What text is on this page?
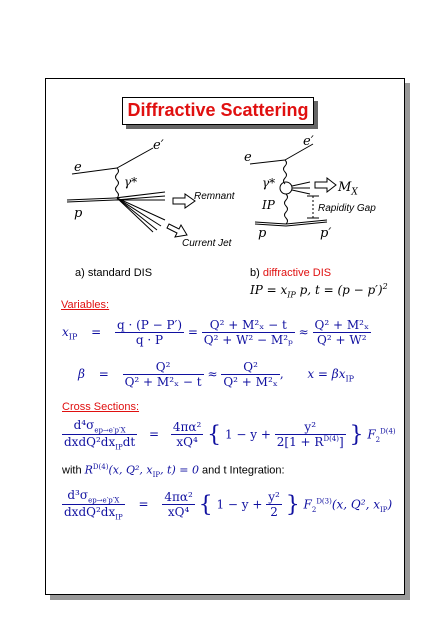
Diffractive Scattering
e′
e
γ*
p
Remnant
Current Jet
e′
e
γ*
IP
$M_X$
Rapidity Gap
p	p′
a) standard DIS	b) diffractive DIS
IP = $x_{IP}$ p, $t = (p - p')^2$
Variables:
$x_{IP} = \frac{q \cdot (P - P')}{q \cdot P} = \frac{\text{Q² + M²ₓ − t}}{\text{Q² + W² − M²ₚ}} \approx \frac{\text{Q² + M²ₓ}}{\text{Q² + W²}}$
$\beta = \frac{\text{Q²}}{\text{Q² + M²ₓ − t}} \approx \frac{\text{Q²}}{\text{Q² + M²ₓ}}$ , $x = \beta x_{IP}$
Cross Sections:
$\frac{d^4\sigma_{ep\to e'p'X}}{dxdQ^2dx_{IP}dt} = \frac{\text{4πα²}}{\text{xQ⁴}}$ { $1 - y + \frac{\text{y²}}{2[1 + R^{D(4)}]}$ } $F_2^{D(4)}$
with $R^{D(4)}(x$, Q², $x_{IP}$, t) = 0 and t Integration:
$\frac{d^3\sigma_{ep\to e'p'X}}{dxdQ^2dx_{IP}} = \frac{\text{4πα²}}{\text{xQ⁴}}$ { $1 - y + \frac{\text{y²}}{2}$ } $F_2^{D(3)}(x$, Q², $x_{IP}$)
